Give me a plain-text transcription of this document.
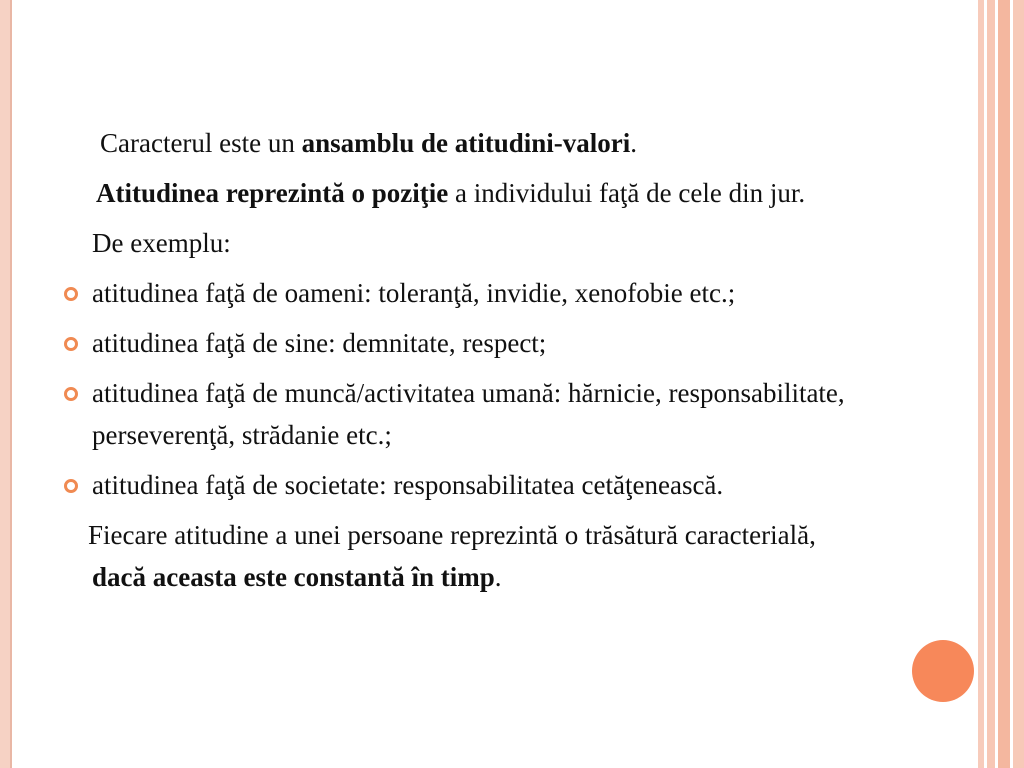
Caracterul este un ansamblu de atitudini-valori.

Atitudinea reprezintă o poziţie a individului faţă de cele din jur.

De exemplu:

atitudinea faţă de oameni: toleranţă, invidie, xenofobie etc.;
atitudinea faţă de sine: demnitate, respect;
atitudinea faţă de muncă/activitatea umană: hărnicie, responsabilitate, perseverenţă, strădanie etc.;
atitudinea faţă de societate: responsabilitatea cetăţenească.

Fiecare atitudine a unei persoane reprezintă o trăsătură caracterială, dacă aceasta este constantă în timp.
